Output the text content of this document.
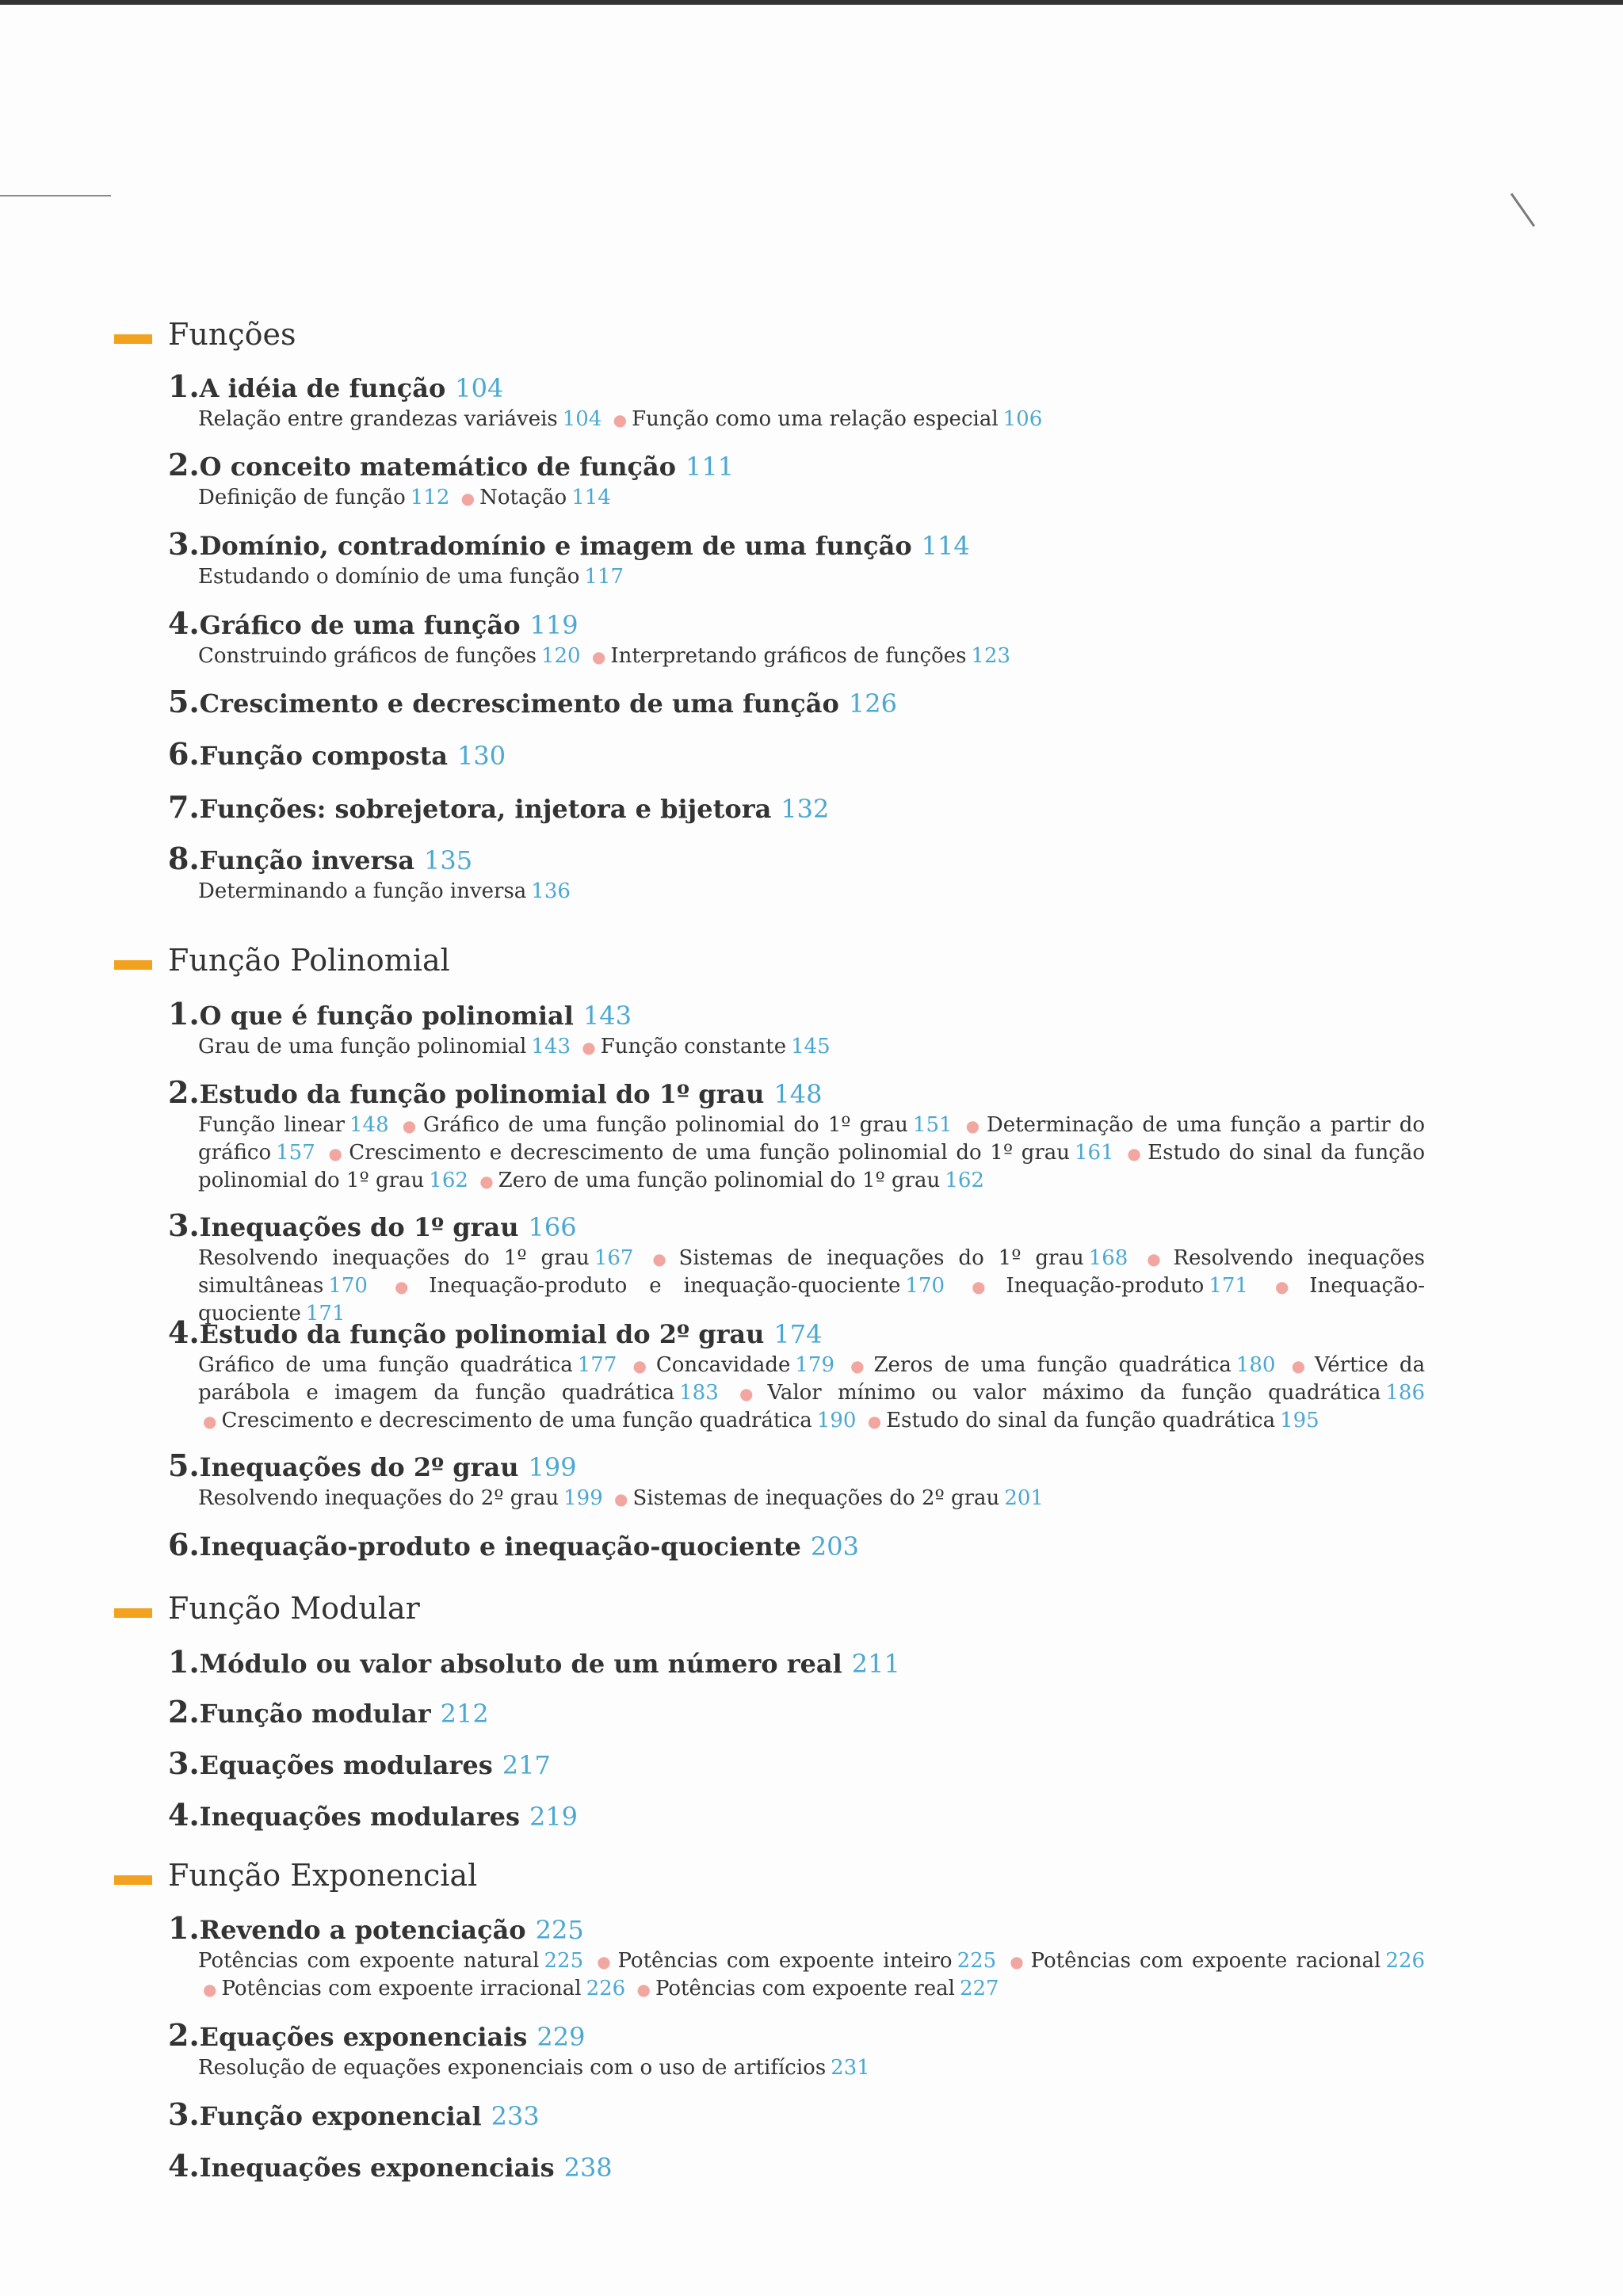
Funções
1.A idéia de função 104
Relação entre grandezas variáveis 104 ● Função como uma relação especial 106
2.O conceito matemático de função 111
Definição de função 112 ● Notação 114
3.Domínio, contradomínio e imagem de uma função 114
Estudando o domínio de uma função 117
4.Gráfico de uma função 119
Construindo gráficos de funções 120 ● Interpretando gráficos de funções 123
5.Crescimento e decrescimento de uma função 126
6.Função composta 130
7.Funções: sobrejetora, injetora e bijetora 132
8.Função inversa 135
Determinando a função inversa 136
Função Polinomial
1.O que é função polinomial 143
Grau de uma função polinomial 143 ● Função constante 145
2.Estudo da função polinomial do 1º grau 148
Função linear 148 ● Gráfico de uma função polinomial do 1º grau 151 ● Determinação de uma função a partir do gráfico 157 ● Crescimento e decrescimento de uma função polinomial do 1º grau 161 ● Estudo do sinal da função polinomial do 1º grau 162 ● Zero de uma função polinomial do 1º grau 162
3.Inequações do 1º grau 166
Resolvendo inequações do 1º grau 167 ● Sistemas de inequações do 1º grau 168 ● Resolvendo inequações simultâneas 170 ● Inequação-produto e inequação-quociente 170 ● Inequação-produto 171 ● Inequação-quociente 171
4.Estudo da função polinomial do 2º grau 174
Gráfico de uma função quadrática 177 ● Concavidade 179 ● Zeros de uma função quadrática 180 ● Vértice da parábola e imagem da função quadrática 183 ● Valor mínimo ou valor máximo da função quadrática 186 ● Crescimento e decrescimento de uma função quadrática 190 ● Estudo do sinal da função quadrática 195
5.Inequações do 2º grau 199
Resolvendo inequações do 2º grau 199 ● Sistemas de inequações do 2º grau 201
6.Inequação-produto e inequação-quociente 203
Função Modular
1.Módulo ou valor absoluto de um número real 211
2.Função modular 212
3.Equações modulares 217
4.Inequações modulares 219
Função Exponencial
1.Revendo a potenciação 225
Potências com expoente natural 225 ● Potências com expoente inteiro 225 ● Potências com expoente racional 226 ● Potências com expoente irracional 226 ● Potências com expoente real 227
2.Equações exponenciais 229
Resolução de equações exponenciais com o uso de artifícios 231
3.Função exponencial 233
4.Inequações exponenciais 238
